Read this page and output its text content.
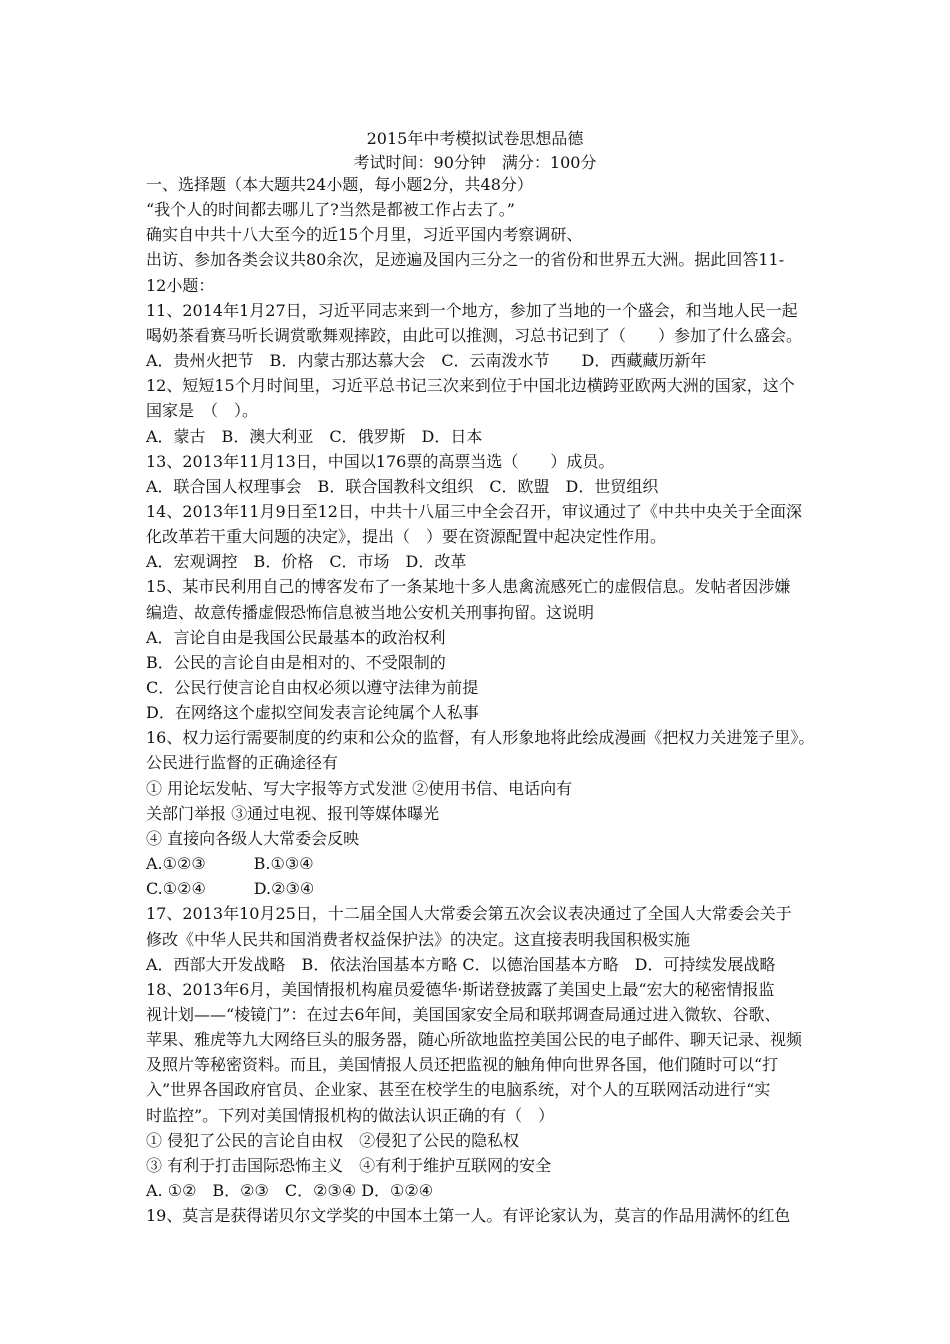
2015年中考模拟试卷思想品德
考试时间：90分钟　满分：100分
一、选择题（本大题共24小题，每小题2分，共48分）
“我个人的时间都去哪儿了?当然是都被工作占去了。”
确实自中共十八大至今的近15个月里，习近平国内考察调研、
出访、参加各类会议共80余次，足迹遍及国内三分之一的省份和世界五大洲。据此回答11-
12小题：
11、2014年1月27日，习近平同志来到一个地方，参加了当地的一个盛会，和当地人民一起
喝奶茶看赛马听长调赏歌舞观摔跤，由此可以推测，习总书记到了（　　）参加了什么盛会。
A．贵州火把节　B．内蒙古那达慕大会　C．云南泼水节　　D．西藏藏历新年
12、短短15个月时间里，习近平总书记三次来到位于中国北边横跨亚欧两大洲的国家，这个
国家是　（　）。
A．蒙古　B．澳大利亚　C．俄罗斯　D．日本
13、2013年11月13日，中国以176票的高票当选（　　）成员。
A．联合国人权理事会　B．联合国教科文组织　C．欧盟　D．世贸组织
14、2013年11月9日至12日，中共十八届三中全会召开，审议通过了《中共中央关于全面深
化改革若干重大问题的决定》，提出（　）要在资源配置中起决定性作用。
A．宏观调控　B．价格　C．市场　D．改革
15、某市民利用自己的博客发布了一条某地十多人患禽流感死亡的虚假信息。发帖者因涉嫌
编造、故意传播虚假恐怖信息被当地公安机关刑事拘留。这说明
A．言论自由是我国公民最基本的政治权利
B．公民的言论自由是相对的、不受限制的
C．公民行使言论自由权必须以遵守法律为前提
D．在网络这个虚拟空间发表言论纯属个人私事
16、权力运行需要制度的约束和公众的监督，有人形象地将此绘成漫画《把权力关进笼子里》。
公民进行监督的正确途径有
① 用论坛发帖、写大字报等方式发泄 ②使用书信、电话向有
关部门举报 ③通过电视、报刊等媒体曝光
④ 直接向各级人大常委会反映
A.①②③　　　B.①③④
C.①②④　　　D.②③④
17、2013年10月25日，十二届全国人大常委会第五次会议表决通过了全国人大常委会关于
修改《中华人民共和国消费者权益保护法》的决定。这直接表明我国积极实施
A．西部大开发战略　B．依法治国基本方略 C．以德治国基本方略　D．可持续发展战略
18、2013年6月，美国情报机构雇员爱德华·斯诺登披露了美国史上最“宏大的秘密情报监
视计划——“棱镜门”：在过去6年间，美国国家安全局和联邦调查局通过进入微软、谷歌、
苹果、雅虎等九大网络巨头的服务器，随心所欲地监控美国公民的电子邮件、聊天记录、视频
及照片等秘密资料。而且，美国情报人员还把监视的触角伸向世界各国，他们随时可以“打
入”世界各国政府官员、企业家、甚至在校学生的电脑系统，对个人的互联网活动进行“实
时监控”。下列对美国情报机构的做法认识正确的有（　）
① 侵犯了公民的言论自由权　②侵犯了公民的隐私权
③ 有利于打击国际恐怖主义　④有利于维护互联网的安全
A. ①②　B．②③　C．②③④ D．①②④
19、莫言是获得诺贝尔文学奖的中国本土第一人。有评论家认为，莫言的作品用满怀的红色
